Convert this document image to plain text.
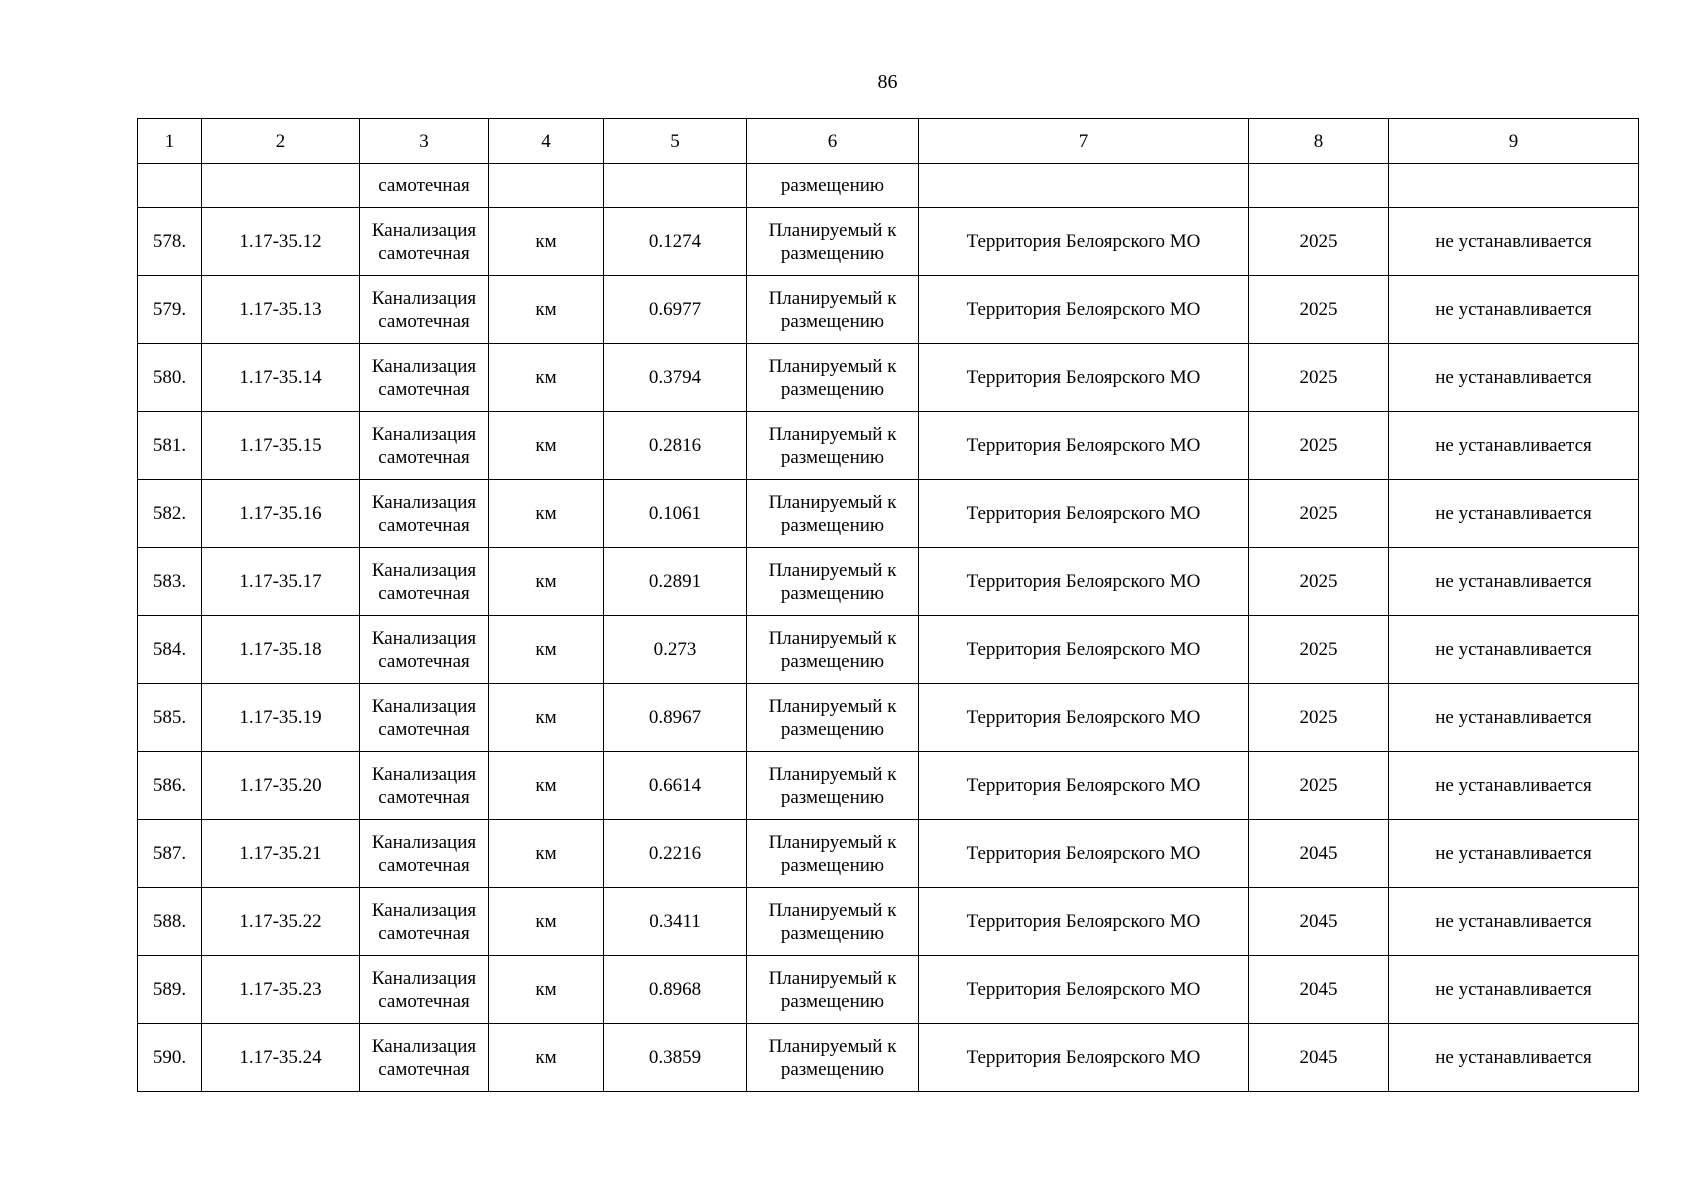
86
1	2	3	4	5	6	7	8	9
		самотечная			размещению			
578.	1.17-35.12	Канализация самотечная	км	0.1274	Планируемый к размещению	Территория Белоярского МО	2025	не устанавливается
579.	1.17-35.13	Канализация самотечная	км	0.6977	Планируемый к размещению	Территория Белоярского МО	2025	не устанавливается
580.	1.17-35.14	Канализация самотечная	км	0.3794	Планируемый к размещению	Территория Белоярского МО	2025	не устанавливается
581.	1.17-35.15	Канализация самотечная	км	0.2816	Планируемый к размещению	Территория Белоярского МО	2025	не устанавливается
582.	1.17-35.16	Канализация самотечная	км	0.1061	Планируемый к размещению	Территория Белоярского МО	2025	не устанавливается
583.	1.17-35.17	Канализация самотечная	км	0.2891	Планируемый к размещению	Территория Белоярского МО	2025	не устанавливается
584.	1.17-35.18	Канализация самотечная	км	0.273	Планируемый к размещению	Территория Белоярского МО	2025	не устанавливается
585.	1.17-35.19	Канализация самотечная	км	0.8967	Планируемый к размещению	Территория Белоярского МО	2025	не устанавливается
586.	1.17-35.20	Канализация самотечная	км	0.6614	Планируемый к размещению	Территория Белоярского МО	2025	не устанавливается
587.	1.17-35.21	Канализация самотечная	км	0.2216	Планируемый к размещению	Территория Белоярского МО	2045	не устанавливается
588.	1.17-35.22	Канализация самотечная	км	0.3411	Планируемый к размещению	Территория Белоярского МО	2045	не устанавливается
589.	1.17-35.23	Канализация самотечная	км	0.8968	Планируемый к размещению	Территория Белоярского МО	2045	не устанавливается
590.	1.17-35.24	Канализация самотечная	км	0.3859	Планируемый к размещению	Территория Белоярского МО	2045	не устанавливается
